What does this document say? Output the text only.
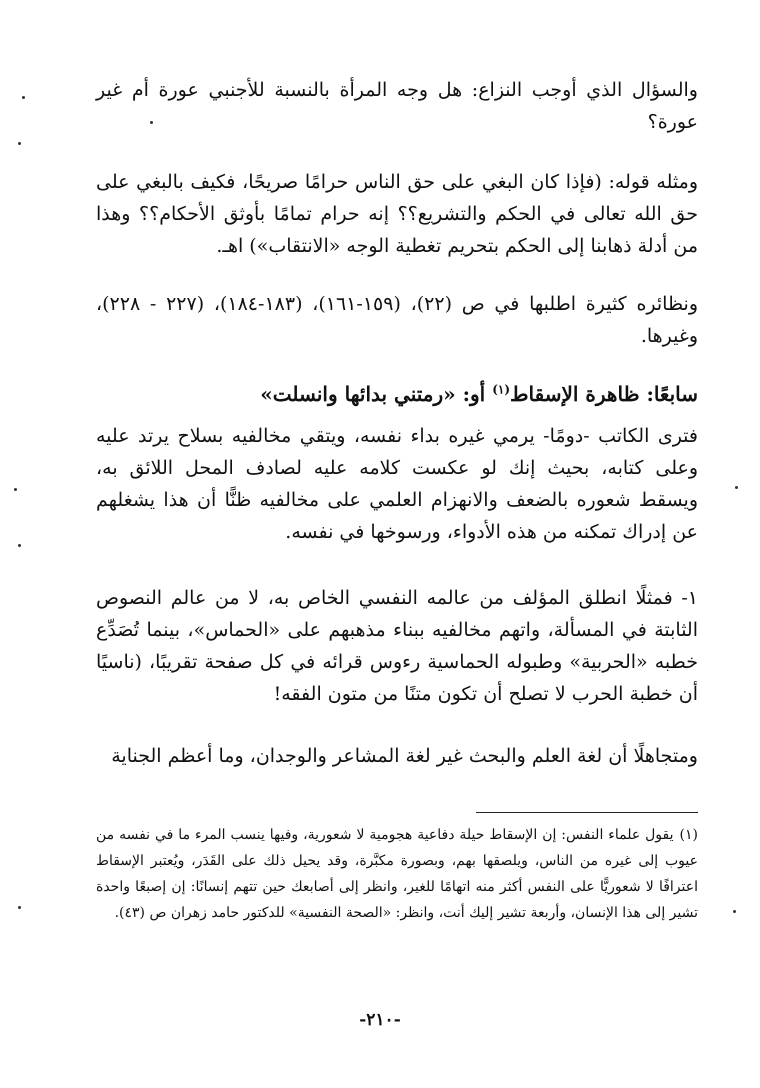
والسؤال الذي أوجب النزاع: هل وجه المرأة بالنسبة للأجنبي عورة أم غير عورة؟

ومثله قوله: (فإذا كان البغي على حق الناس حرامًا صريحًا، فكيف بالبغي على حق الله تعالى في الحكم والتشريع؟؟ إنه حرام تمامًا بأوثق الأحكام؟؟ وهذا من أدلة ذهابنا إلى الحكم بتحريم تغطية الوجه «الانتقاب») اهـ.

ونظائره كثيرة اطلبها في ص (٢٢)، (١٥٩-١٦١)، (١٨٣-١٨٤)، (٢٢٧ - ٢٢٨)، وغيرها.

سابعًا: ظاهرة الإسقاط$^{(١)}$ أو: «رمتني بدائها وانسلت»

فترى الكاتب -دومًا- يرمي غيره بداء نفسه، ويتقي مخالفيه بسلاح يرتد عليه وعلى كتابه، بحيث إنك لو عكست كلامه عليه لصادف المحل اللائق به، ويسقط شعوره بالضعف والانهزام العلمي على مخالفيه ظنًّا أن هذا يشغلهم عن إدراك تمكنه من هذه الأدواء، ورسوخها في نفسه.

١- فمثلًا انطلق المؤلف من عالمه النفسي الخاص به، لا من عالم النصوص الثابتة في المسألة، واتهم مخالفيه ببناء مذهبهم على «الحماس»، بينما تُصَدِّع خطبه «الحربية» وطبوله الحماسية رءوس قرائه في كل صفحة تقريبًا، (ناسيًا أن خطبة الحرب لا تصلح أن تكون متنًا من متون الفقه!

ومتجاهلًا أن لغة العلم والبحث غير لغة المشاعر والوجدان، وما أعظم الجناية

(١)يقول علماء النفس: إن الإسقاط حيلة دفاعية هجومية لا شعورية، وفيها ينسب المرء ما في نفسه من عيوب إلى غيره من الناس، ويلصقها بهم، وبصورة مكبَّرة، وقد يحيل ذلك على القَدَر، ويُعتبر الإسقاط اعترافًا لا شعوريًّا على النفس أكثر منه اتهامًا للغير، وانظر إلى أصابعك حين تتهم إنسانًا: إن إصبعًا واحدة تشير إلى هذا الإنسان، وأربعة تشير إليك أنت، وانظر: «الصحة النفسية» للدكتور حامد زهران ص (٤٣).
-٢١٠-
